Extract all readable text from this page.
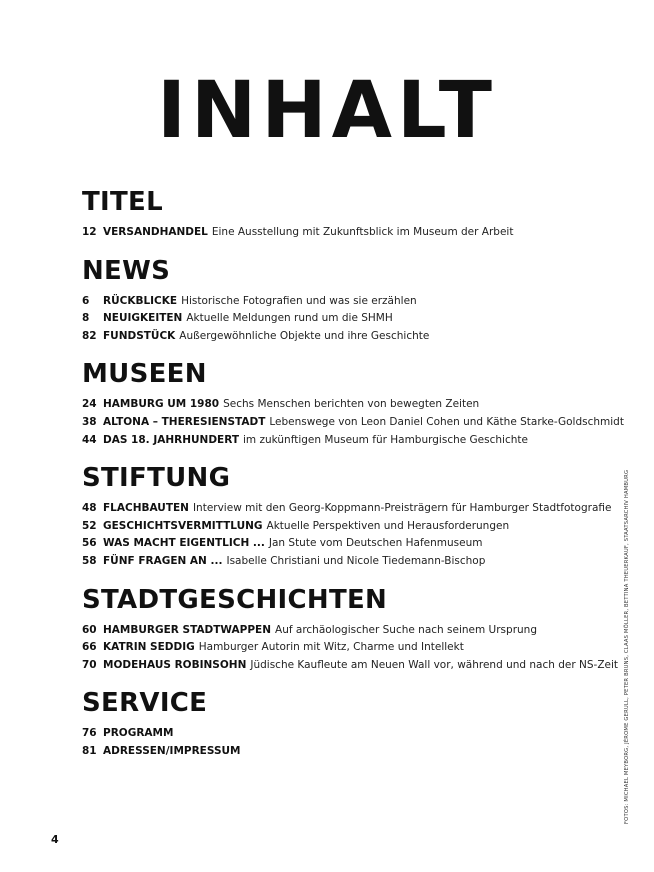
INHALT
TITEL
12 VERSANDHANDEL Eine Ausstellung mit Zukunftsblick im Museum der Arbeit
NEWS
6	RÜCKBLICKE Historische Fotografien und was sie erzählen
8	NEUIGKEITEN Aktuelle Meldungen rund um die SHMH
82 FUNDSTÜCK Außergewöhnliche Objekte und ihre Geschichte
MUSEEN
24 HAMBURG UM 1980 Sechs Menschen berichten von bewegten Zeiten
38 ALTONA – THERESIENSTADT Lebenswege von Leon Daniel Cohen und Käthe Starke-Goldschmidt
44 DAS 18. JAHRHUNDERT im zukünftigen Museum für Hamburgische Geschichte
STIFTUNG
48 FLACHBAUTEN Interview mit den Georg-Koppmann-Preisträgern für Hamburger Stadtfotografie
52 GESCHICHTSVERMITTLUNG Aktuelle Perspektiven und Herausforderungen
56 WAS MACHT EIGENTLICH ... Jan Stute vom Deutschen Hafenmuseum
58 FÜNF FRAGEN AN ... Isabelle Christiani und Nicole Tiedemann-Bischop
STADTGESCHICHTEN
60 HAMBURGER STADTWAPPEN Auf archäologischer Suche nach seinem Ursprung
66 KATRIN SEDDIG Hamburger Autorin mit Witz, Charme und Intellekt
70 MODEHAUS ROBINSOHN Jüdische Kaufleute am Neuen Wall vor, während und nach der NS-Zeit
SERVICE
76 PROGRAMM
81 ADRESSEN/IMPRESSUM	FOTOS: MICHAEL MEYBORG, JÉROME GERULL, PETER BRUNS, CLAAS MÖLLER, BETTINA THEUERKAUF, STAATSARCHIV HAMBURG
4
